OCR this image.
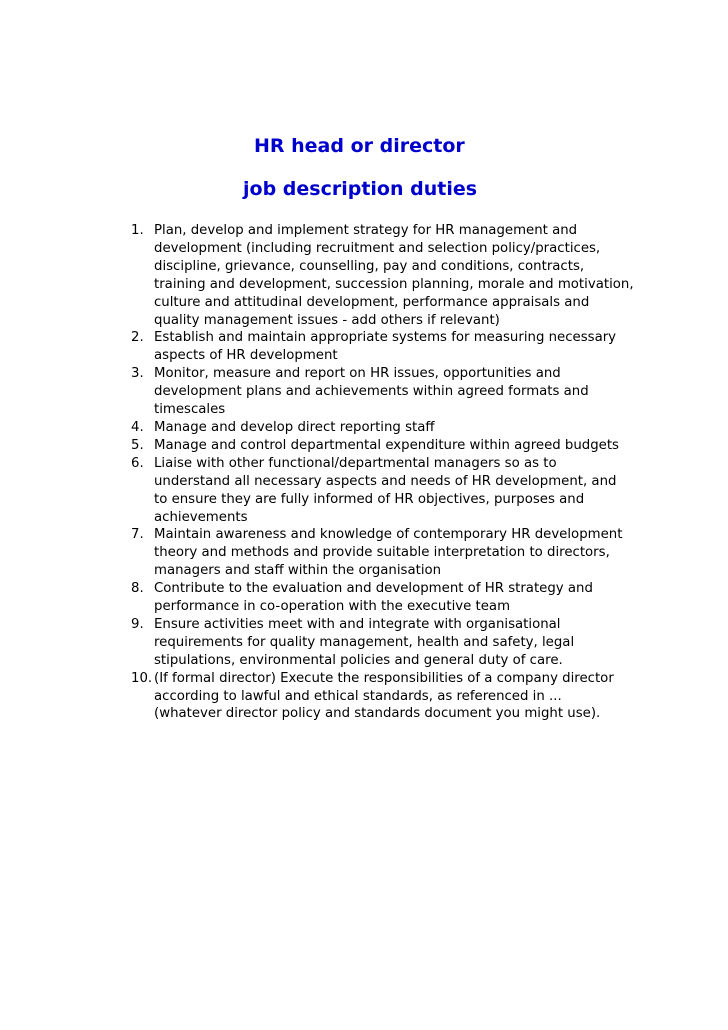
HR head or director
job description duties
1. Plan, develop and implement strategy for HR management and
development (including recruitment and selection policy/practices,
discipline, grievance, counselling, pay and conditions, contracts,
training and development, succession planning, morale and motivation,
culture and attitudinal development, performance appraisals and
quality management issues - add others if relevant)
2. Establish and maintain appropriate systems for measuring necessary
aspects of HR development
3. Monitor, measure and report on HR issues, opportunities and
development plans and achievements within agreed formats and
timescales
4. Manage and develop direct reporting staff
5. Manage and control departmental expenditure within agreed budgets
6. Liaise with other functional/departmental managers so as to
understand all necessary aspects and needs of HR development, and
to ensure they are fully informed of HR objectives, purposes and
achievements
7. Maintain awareness and knowledge of contemporary HR development
theory and methods and provide suitable interpretation to directors,
managers and staff within the organisation
8. Contribute to the evaluation and development of HR strategy and
performance in co-operation with the executive team
9. Ensure activities meet with and integrate with organisational
requirements for quality management, health and safety, legal
stipulations, environmental policies and general duty of care.
10. (If formal director) Execute the responsibilities of a company director
according to lawful and ethical standards, as referenced in ...
(whatever director policy and standards document you might use).
